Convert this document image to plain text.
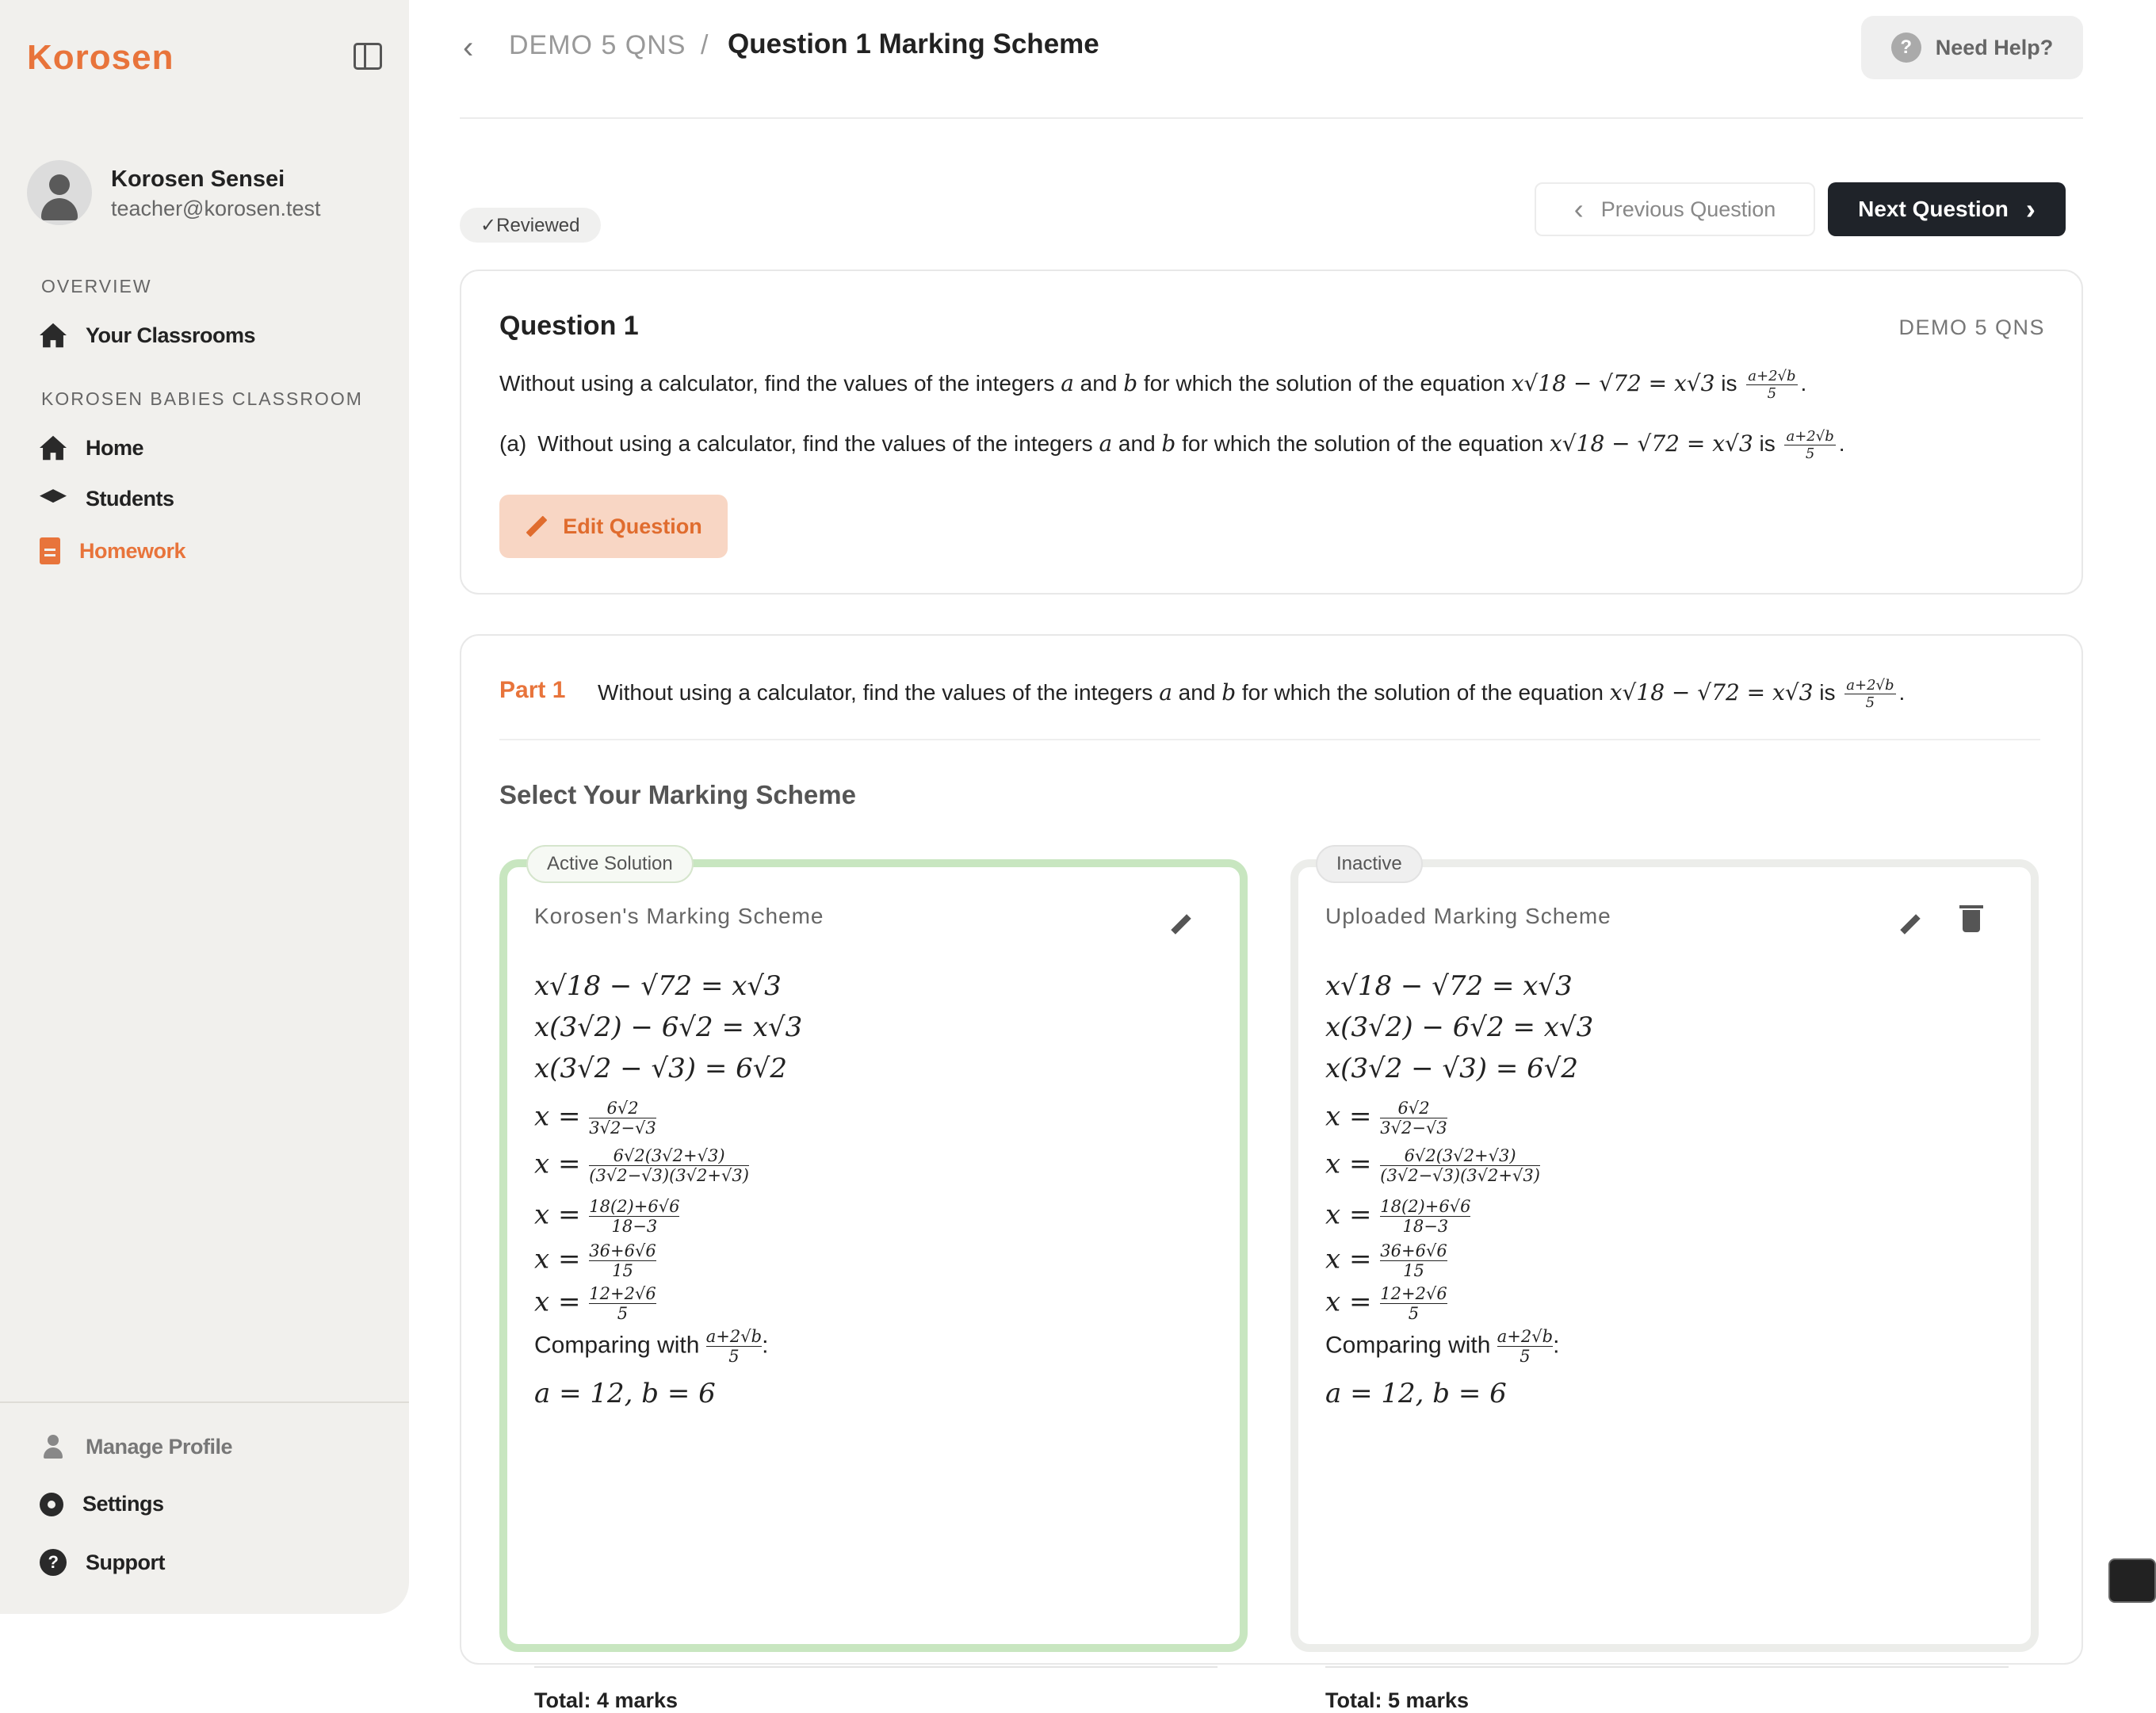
Korosen
Korosen Sensei
teacher@korosen.test
OVERVIEW
Your Classrooms
KOROSEN BABIES CLASSROOM
Home
Students
Homework
Manage Profile
Settings
?	Support
‹ DEMO 5 QNS / Question 1 Marking Scheme	?	Need Help?
✓Reviewed	‹ Previous Question	Next Question ›
Question 1	DEMO 5 QNS
Without using a calculator, find the values of the integers a and b for which the solution of the equation x√18 − √72 = x√3 is $\frac{a+2√b}{5}$ .
(a) Without using a calculator, find the values of the integers a and b for which the solution of the equation x√18 − √72 = x√3 is $\frac{a+2√b}{5}$ .
Edit Question
Part 1 Without using a calculator, find the values of the integers a and b for which the solution of the equation x√18 − √72 = x√3 is $\frac{a+2√b}{5}$ .
Select Your Marking Scheme
Active Solution
Korosen's Marking Scheme
x√18 − √72 = x√3
x(3√2) − 6√2 = x√3
x(3√2 − √3) = 6√2
$x = \frac{6√2}{3√2-√3}$
$x = \frac{6√2(3√2+√3)}{(3√2-√3)(3√2+√3)}$
$x = \frac{18(2)+6√6}{18-3}$
$x = \frac{36+6√6}{15}$
$x = \frac{12+2√6}{5}$
Comparing with $\frac{a+2√b}{5}$:
a = 12, b = 6
Total: 4 marks
Inactive
Uploaded Marking Scheme
x√18 − √72 = x√3
x(3√2) − 6√2 = x√3
x(3√2 − √3) = 6√2
$x = \frac{6√2}{3√2-√3}$
$x = \frac{6√2(3√2+√3)}{(3√2-√3)(3√2+√3)}$
$x = \frac{18(2)+6√6}{18-3}$
$x = \frac{36+6√6}{15}$
$x = \frac{12+2√6}{5}$
Comparing with $\frac{a+2√b}{5}$:
a = 12, b = 6
Total: 5 marks
